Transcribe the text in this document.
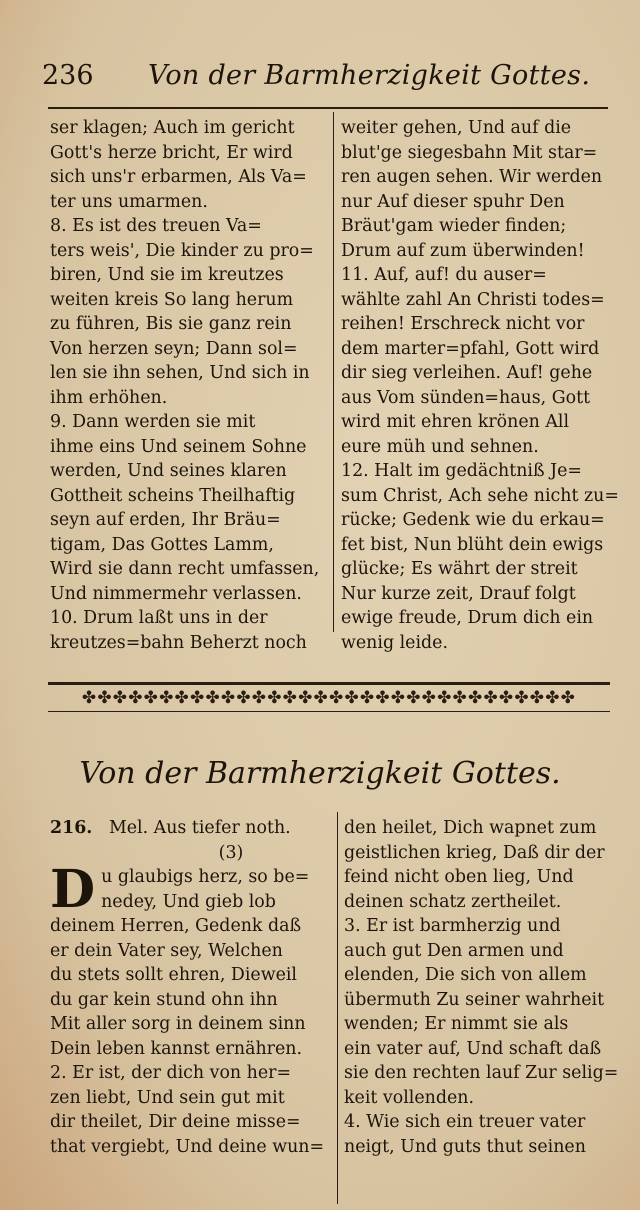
236 Von der Barmherzigkeit Gottes.
ser klagen; Auch im gericht
Gott's herze bricht, Er wird
sich uns'r erbarmen, Als Va=
ter uns umarmen.
8. Es ist des treuen Va=
ters weis', Die kinder zu pro=
biren, Und sie im kreutzes
weiten kreis So lang herum
zu führen, Bis sie ganz rein
Von herzen seyn; Dann sol=
len sie ihn sehen, Und sich in
ihm erhöhen.
9. Dann werden sie mit
ihme eins Und seinem Sohne
werden, Und seines klaren
Gottheit scheins Theilhaftig
seyn auf erden, Ihr Bräu=
tigam, Das Gottes Lamm,
Wird sie dann recht umfassen,
Und nimmermehr verlassen.
10. Drum laßt uns in der
kreutzes=bahn Beherzt noch
weiter gehen, Und auf die
blut'ge siegesbahn Mit star=
ren augen sehen. Wir werden
nur Auf dieser spuhr Den
Bräut'gam wieder finden;
Drum auf zum überwinden!
11. Auf, auf! du auser=
wählte zahl An Christi todes=
reihen! Erschreck nicht vor
dem marter=pfahl, Gott wird
dir sieg verleihen. Auf! gehe
aus Vom sünden=haus, Gott
wird mit ehren krönen All
eure müh und sehnen.
12. Halt im gedächtniß Je=
sum Christ, Ach sehe nicht zu=
rücke; Gedenk wie du erkau=
fet bist, Nun blüht dein ewigs
glücke; Es währt der streit
Nur kurze zeit, Drauf folgt
ewige freude, Drum dich ein
wenig leide.
✤✤✤✤✤✤✤✤✤✤✤✤✤✤✤✤✤✤✤✤✤✤✤✤✤✤✤✤✤✤✤✤
Von der Barmherzigkeit Gottes.
216. Mel. Aus tiefer noth.
(3)
D u glaubigs herz, so be=
nedey, Und gieb lob
deinem Herren, Gedenk daß
er dein Vater sey, Welchen
du stets sollt ehren, Dieweil
du gar kein stund ohn ihn
Mit aller sorg in deinem sinn
Dein leben kannst ernähren.
2. Er ist, der dich von her=
zen liebt, Und sein gut mit
dir theilet, Dir deine misse=
that vergiebt, Und deine wun=
den heilet, Dich wapnet zum
geistlichen krieg, Daß dir der
feind nicht oben lieg, Und
deinen schatz zertheilet.
3. Er ist barmherzig und
auch gut Den armen und
elenden, Die sich von allem
übermuth Zu seiner wahrheit
wenden; Er nimmt sie als
ein vater auf, Und schaft daß
sie den rechten lauf Zur selig=
keit vollenden.
4. Wie sich ein treuer vater
neigt, Und guts thut seinen
